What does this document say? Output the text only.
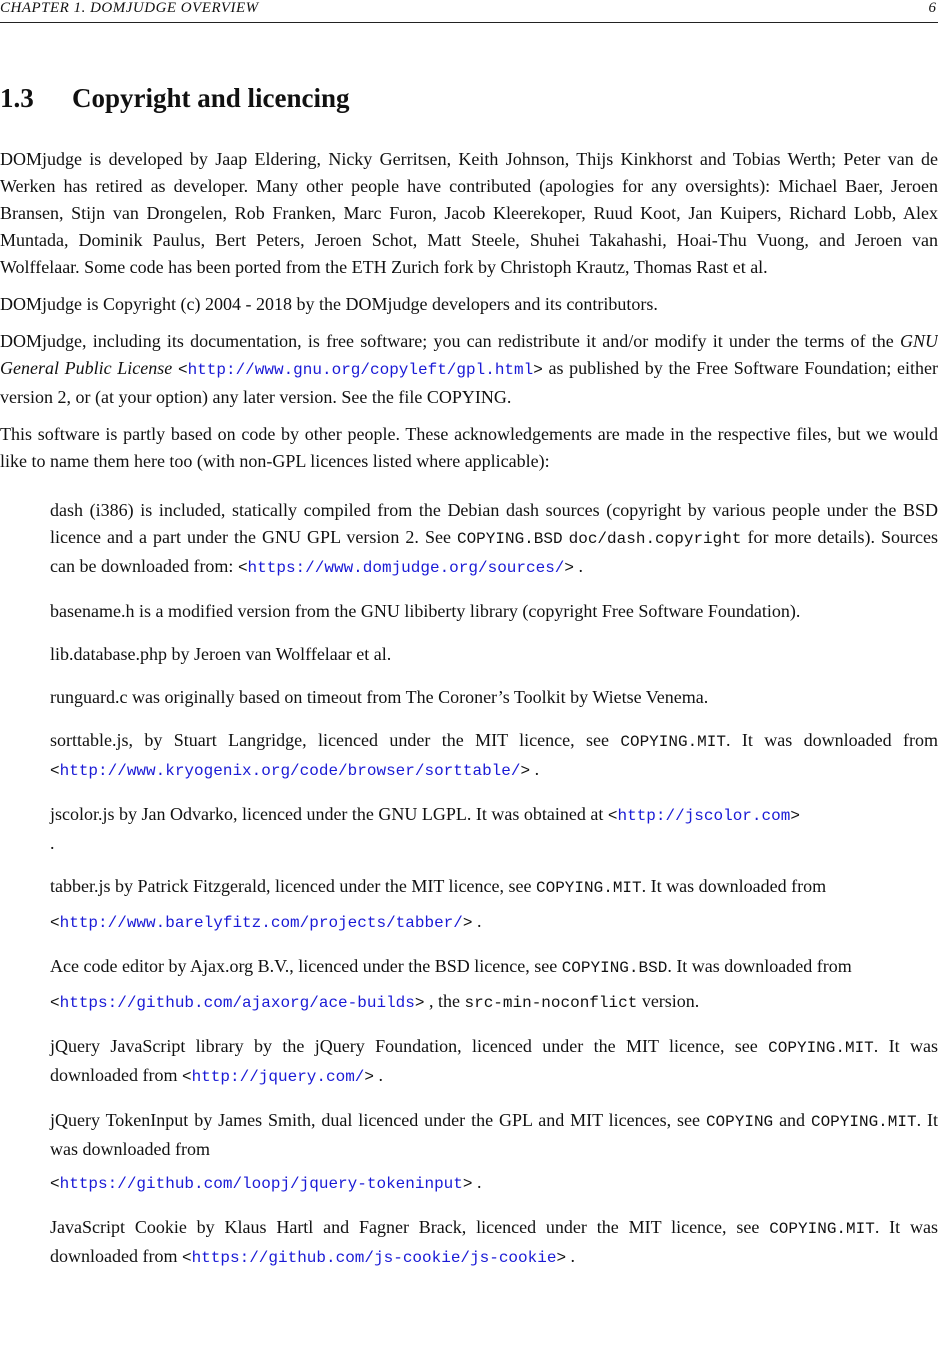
CHAPTER 1. DOMJUDGE OVERVIEW	6
1.3 Copyright and licencing

DOMjudge is developed by Jaap Eldering, Nicky Gerritsen, Keith Johnson, Thijs Kinkhorst and Tobias Werth; Peter van de Werken has retired as developer. Many other people have contributed (apologies for any oversights): Michael Baer, Jeroen Bransen, Stijn van Drongelen, Rob Franken, Marc Furon, Jacob Kleerekoper, Ruud Koot, Jan Kuipers, Richard Lobb, Alex Muntada, Dominik Paulus, Bert Peters, Jeroen Schot, Matt Steele, Shuhei Takahashi, Hoai-Thu Vuong, and Jeroen van Wolffelaar. Some code has been ported from the ETH Zurich fork by Christoph Krautz, Thomas Rast et al.

DOMjudge is Copyright (c) 2004 - 2018 by the DOMjudge developers and its contributors.

DOMjudge, including its documentation, is free software; you can redistribute it and/or modify it under the terms of the GNU General Public License <http://www.gnu.org/copyleft/gpl.html> as published by the Free Software Foundation; either version 2, or (at your option) any later version. See the file COPYING.

This software is partly based on code by other people. These acknowledgements are made in the respective files, but we would like to name them here too (with non-GPL licences listed where applicable):

dash (i386) is included, statically compiled from the Debian dash sources (copyright by various people under the BSD licence and a part under the GNU GPL version 2. See COPYING.BSD doc/dash.copyright for more details). Sources can be downloaded from: <https://www.domjudge.org/sources/> .

basename.h is a modified version from the GNU libiberty library (copyright Free Software Foundation).

lib.database.php by Jeroen van Wolffelaar et al.

runguard.c was originally based on timeout from The Coroner’s Toolkit by Wietse Venema.

sorttable.js, by Stuart Langridge, licenced under the MIT licence, see COPYING.MIT. It was downloaded from <http://www.kryogenix.org/code/browser/sorttable/> .

jscolor.js by Jan Odvarko, licenced under the GNU LGPL. It was obtained at <http://jscolor.com>
.

tabber.js by Patrick Fitzgerald, licenced under the MIT licence, see COPYING.MIT. It was downloaded from

<http://www.barelyfitz.com/projects/tabber/> .

Ace code editor by Ajax.org B.V., licenced under the BSD licence, see COPYING.BSD. It was downloaded from

<https://github.com/ajaxorg/ace-builds> , the src-min-noconflict version.

jQuery JavaScript library by the jQuery Foundation, licenced under the MIT licence, see COPYING.MIT. It was downloaded from <http://jquery.com/> .

jQuery TokenInput by James Smith, dual licenced under the GPL and MIT licences, see COPYING and COPYING.MIT. It was downloaded from

<https://github.com/loopj/jquery-tokeninput> .

JavaScript Cookie by Klaus Hartl and Fagner Brack, licenced under the MIT licence, see COPYING.MIT. It was downloaded from <https://github.com/js-cookie/js-cookie> .
